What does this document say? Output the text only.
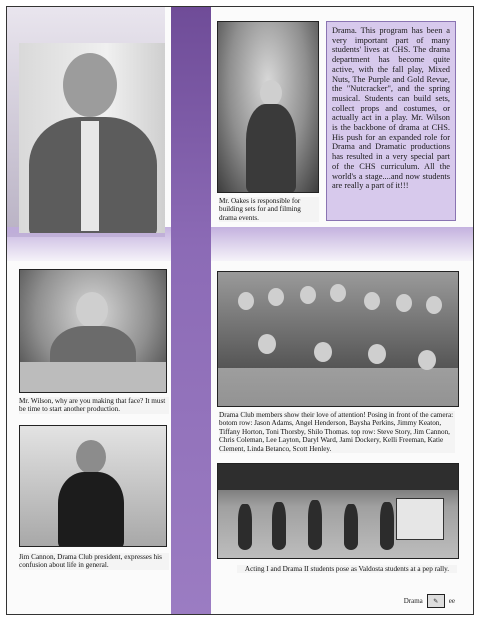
Mr. Oakes is responsible for building sets for and filming drama events.
Drama. This program has been a very important part of many students' lives at CHS. The drama department has become quite active, with the fall play, Mixed Nuts, The Purple and Gold Revue, the "Nutcracker", and the spring musical. Students can build sets, collect props and costumes, or actually act in a play. Mr. Wilson is the backbone of drama at CHS. His push for an expanded role for Drama and Dramatic productions has resulted in a very special part of the CHS curriculum. All the world's a stage....and now students are really a part of it!!!
Mr. Wilson, why are you making that face? It must be time to start another production.
Jim Cannon, Drama Club president, expresses his confusion about life in general.
Drama Club members show their love of attention! Posing in front of the camera: botom row: Jason Adams, Angel Henderson, Baysha Perkins, Jimmy Keaton, Tiffany Horton, Toni Thorsby, Shilo Thomas. top row: Steve Story, Jim Cannon, Chris Coleman, Lee Layton, Daryl Ward, Jami Dockery, Kelli Freeman, Katie Clement, Linda Betanco, Scott Henley.
Acting I and Drama II students pose as Valdosta students at a pep rally.
Drama	✎	ee
